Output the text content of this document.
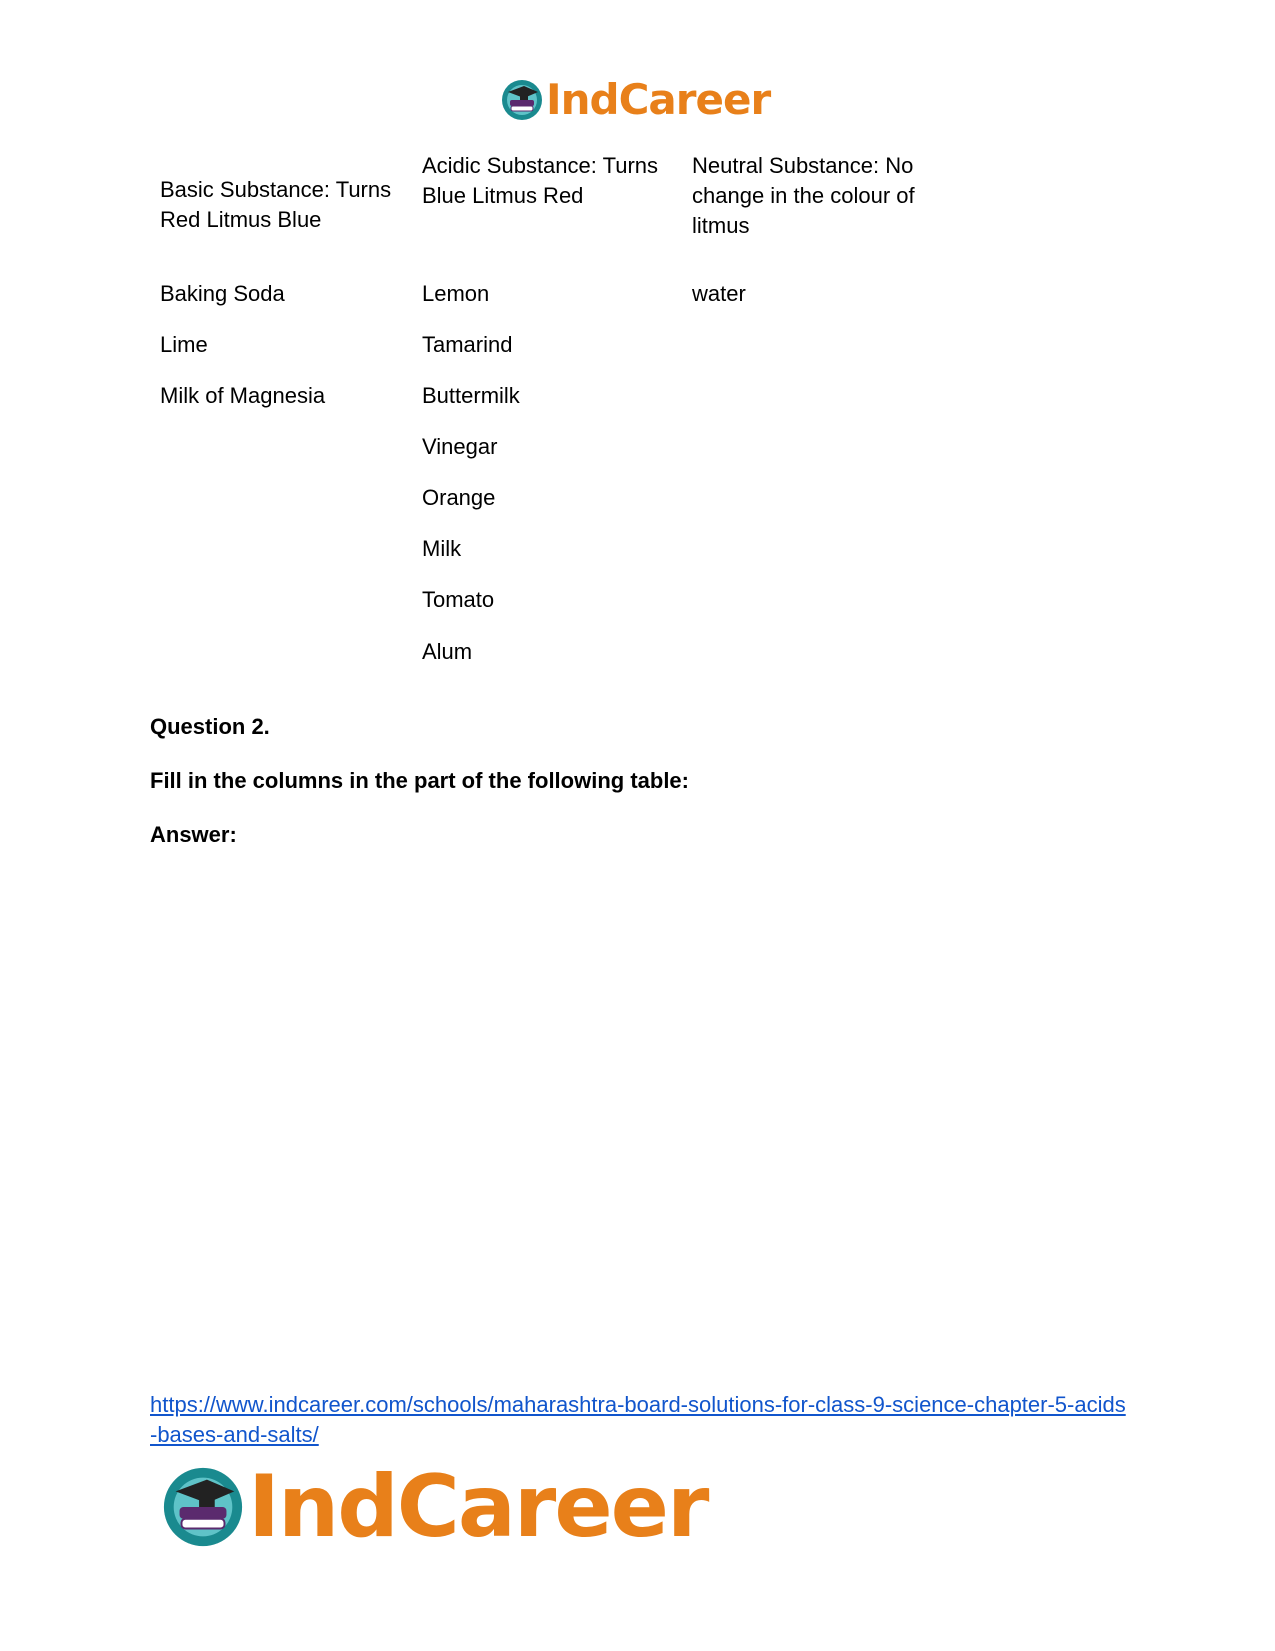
IndCareer
Basic Substance: Turns Red Litmus Blue
Acidic Substance: Turns Blue Litmus Red
Neutral Substance: No change in the colour of litmus
Baking Soda
Lime
Milk of Magnesia
Lemon
Tamarind
Buttermilk
Vinegar
Orange
Milk
Tomato
Alum
water
Question 2.
Fill in the columns in the part of the following table:
Answer:
https://www.indcareer.com/schools/maharashtra-board-solutions-for-class-9-science-chapter-5-acids-bases-and-salts/
IndCareer
